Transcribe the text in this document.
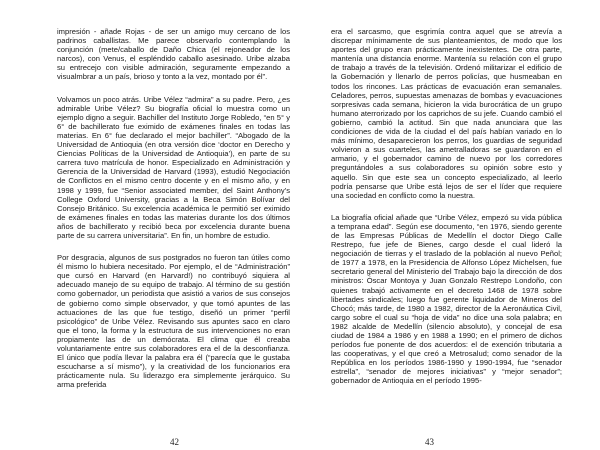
impresión - añade Rojas - de ser un amigo muy cercano de los padrinos caballistas. Me parece observarlo contemplando la conjunción (mete/caballo de Daño Chica (el rejoneador de los narcos), con Venus, el espléndido caballo asesinado. Uribe alzaba su entrecejo con visible admiración, seguramente empezando a visualmbrar a un país, brioso y tonto a la vez, montado por él”.

Volvamos un poco atrás. Uribe Vélez “admira” a su padre. Pero, ¿es admirable Uribe Vélez? Su biografía oficial lo muestra como un ejemplo digno a seguir. Bachiller del Instituto Jorge Robledo, “en 5° y 6° de bachillerato fue eximido de exámenes finales en todas las materias. En 6° fue declarado el mejor bachiller”. “Abogado de la Universidad de Antioquia (en otra versión dice ‘doctor en Derecho y Ciencias Políticas de la Universidad de Antioquia’), en parte de su carrera tuvo matrícula de honor. Especializado en Administración y Gerencia de la Universidad de Harvard (1993), estudió Negociación de Conflictos en el mismo centro docente y en el mismo año, y en 1998 y 1999, fue “Senior associated member, del Saint Anthony’s College Oxford University, gracias a la Beca Simón Bolívar del Consejo Británico. Su excelencia académica le permitió ser eximido de exámenes finales en todas las materias durante los dos últimos años de bachillerato y recibió beca por excelencia durante buena parte de su carrera universitaria”. En fin, un hombre de estudio.

Por desgracia, algunos de sus postgrados no fueron tan útiles como él mismo lo hubiera necesitado. Por ejemplo, el de “Administración” que cursó en Harvard (en Harvard!) no contribuyó siquiera al adecuado manejo de su equipo de trabajo. Al término de su gestión como gobernador, un periodista que asistió a varios de sus consejos de gobierno como simple observador, y que tomó apuntes de las actuaciones de las que fue testigo, diseñó un primer “perfil psicológico” de Uribe Vélez. Revisando sus apuntes saco en claro que el tono, la forma y la estructura de sus intervenciones no eran propiamente las de un demócrata. El clima que él creaba voluntariamente entre sus colaboradores era el de la desconfianza. El único que podía llevar la palabra era él (“parecía que le gustaba escucharse a sí mismo”), y la creatividad de los funcionarios era prácticamente nula. Su liderazgo era simplemente jerárquico. Su arma preferida

era el sarcasmo, que esgrimía contra aquel que se atrevía a discrepar mínimamente de sus planteamientos, de modo que los aportes del grupo eran prácticamente inexistentes. De otra parte, mantenía una distancia enorme. Mantenía su relación con el grupo de trabajo a través de la televisión. Ordenó militarizar el edificio de la Gobernación y llenarlo de perros policías, que husmeaban en todos los rincones. Las prácticas de evacuación eran semanales. Celadores, perros, supuestas amenazas de bombas y evacuaciones sorpresivas cada semana, hicieron la vida burocrática de un grupo humano aterrorizado por los caprichos de su jefe. Cuando cambió el gobierno, cambió la actitud. Sin que nada anunciara que las condiciones de vida de la ciudad el del país habían variado en lo más mínimo, desaparecieron los perros, los guardias de seguridad volvieron a sus cuarteles, las ametralladoras se guardaron en el armario, y el gobernador camino de nuevo por los corredores preguntándoles a sus colaboradores su opinión sobre esto y aquello. Sin que este sea un concepto especializado, al leerlo podría pensarse que Uribe está lejos de ser el líder que requiere una sociedad en conflicto como la nuestra.

La biografía oficial añade que “Uribe Vélez, empezó su vida pública a temprana edad”. Según ese documento, “en 1976, siendo gerente de las Empresas Públicas de Medellín el doctor Diego Calle Restrepo, fue jefe de Bienes, cargo desde el cual lideró la negociación de tierras y el traslado de la población al nuevo Peñol; de 1977 a 1978, en la Presidencia de Alfonso López Michelsen, fue secretario general del Ministerio del Trabajo bajo la dirección de dos ministros: Óscar Montoya y Juan Gonzalo Restrepo Londoño, con quienes trabajó activamente en el decreto 1468 de 1978 sobre libertades sindicales; luego fue gerente liquidador de Mineros del Chocó; más tarde, de 1980 a 1982, director de la Aeronáutica Civil, cargo sobre el cual su “hoja de vida” no dice una sola palabra; en 1982 alcalde de Medellín (silencio absoluto), y concejal de esa ciudad de 1984 a 1986 y en 1988 a 1990; en el primero de dichos períodos fue ponente de dos acuerdos: el de exención tributaria a las cooperativas, y el que creó a Metrosalud; como senador de la República en los períodos 1986-1990 y 1990-1994, fue “senador estrella”, “senador de mejores iniciativas” y “mejor senador”; gobernador de Antioquia en el período 1995-

42	43
